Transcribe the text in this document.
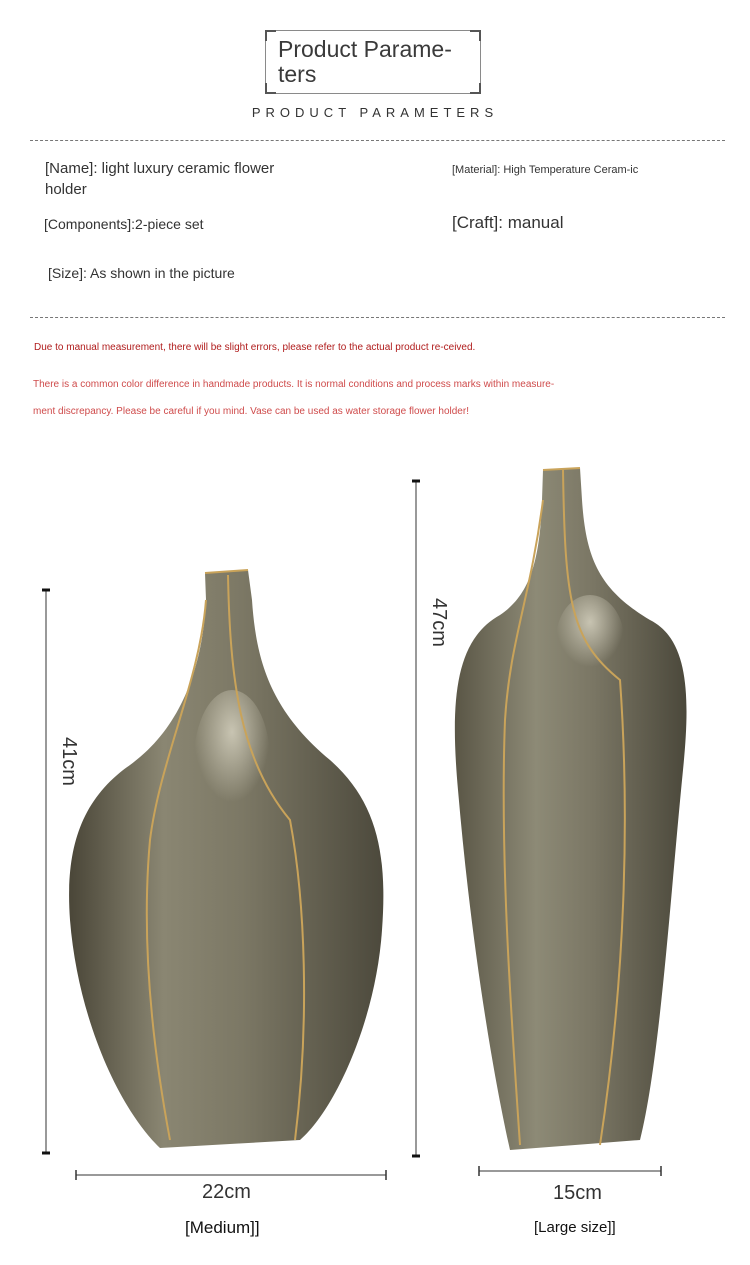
Product Parame-
ters
PRODUCT PARAMETERS
[Name]: light luxury ceramic flower holder
[Material]: High Temperature Ceram-ic
[Components]:2-piece set	[Craft]: manual
[Size]: As shown in the picture
Due to manual measurement, there will be slight errors, please refer to the actual product re-ceived.
There is a common color difference in handmade products. It is normal conditions and process marks within measure-
ment discrepancy. Please be careful if you mind. Vase can be used as water storage flower holder!
41cm
47cm
22cm	15cm
[Medium]]	[Large size]]
